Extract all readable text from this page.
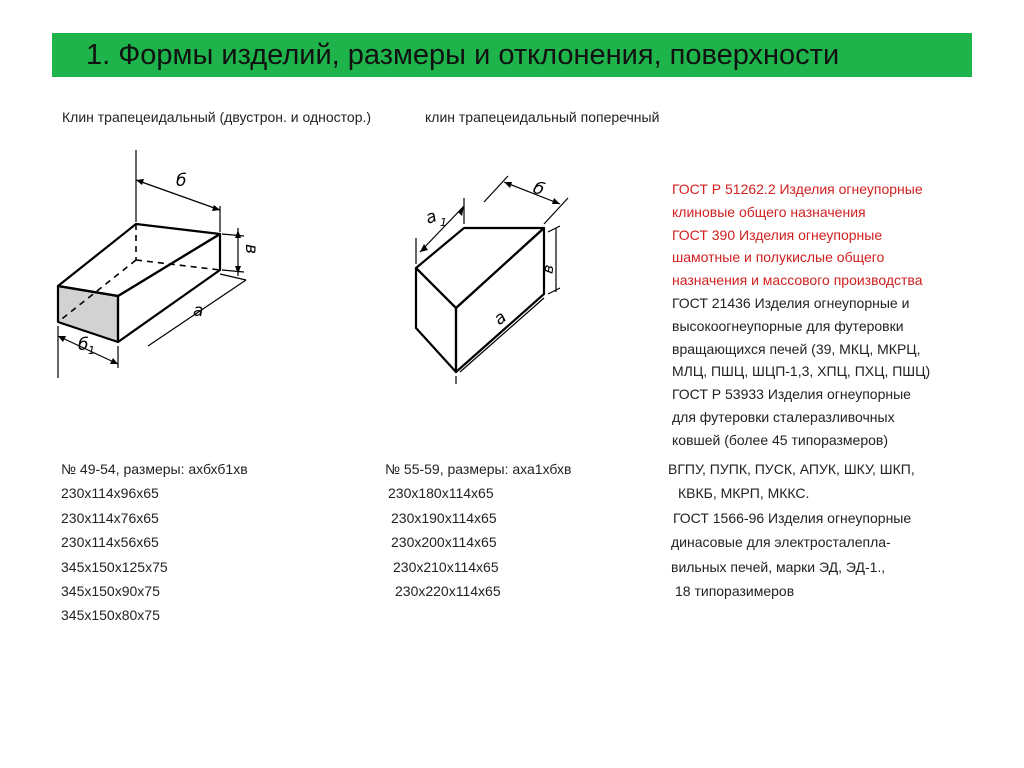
1. Формы изделий, размеры и отклонения, поверхности
Клин трапецеидальный (двустрон. и одностор.)	клин трапецеидальный поперечный
б
в
а
б 1
а 1
б
в
а
ГОСТ Р 51262.2 Изделия огнеупорные
клиновые общего назначения
ГОСТ 390 Изделия огнеупорные
шамотные и полукислые общего
назначения и массового производства
ГОСТ 21436 Изделия огнеупорные и
высокоогнеупорные для футеровки
вращающихся печей (39, МКЦ, МКРЦ,
МЛЦ, ПШЦ, ШЦП-1,3, ХПЦ, ПХЦ, ПШЦ)
ГОСТ Р 53933 Изделия огнеупорные
для футеровки сталеразливочных
ковшей (более 45 типоразмеров)
№ 49-54, размеры: ахбхб1хв
230х114х96х65
230х114х76х65
230х114х56х65
345х150х125х75
345х150х90х75
345х150х80х75
№ 55-59, размеры: аха1хбхв
230х180х114х65
230х190х114х65
230х200х114х65
230х210х114х65
230х220х114х65
ВГПУ, ПУПК, ПУСК, АПУК, ШКУ, ШКП,
КВКБ, МКРП, МККС.
ГОСТ 1566-96 Изделия огнеупорные
динасовые для электросталепла-
вильных печей, марки ЭД, ЭД-1.,
18 типоразимеров
